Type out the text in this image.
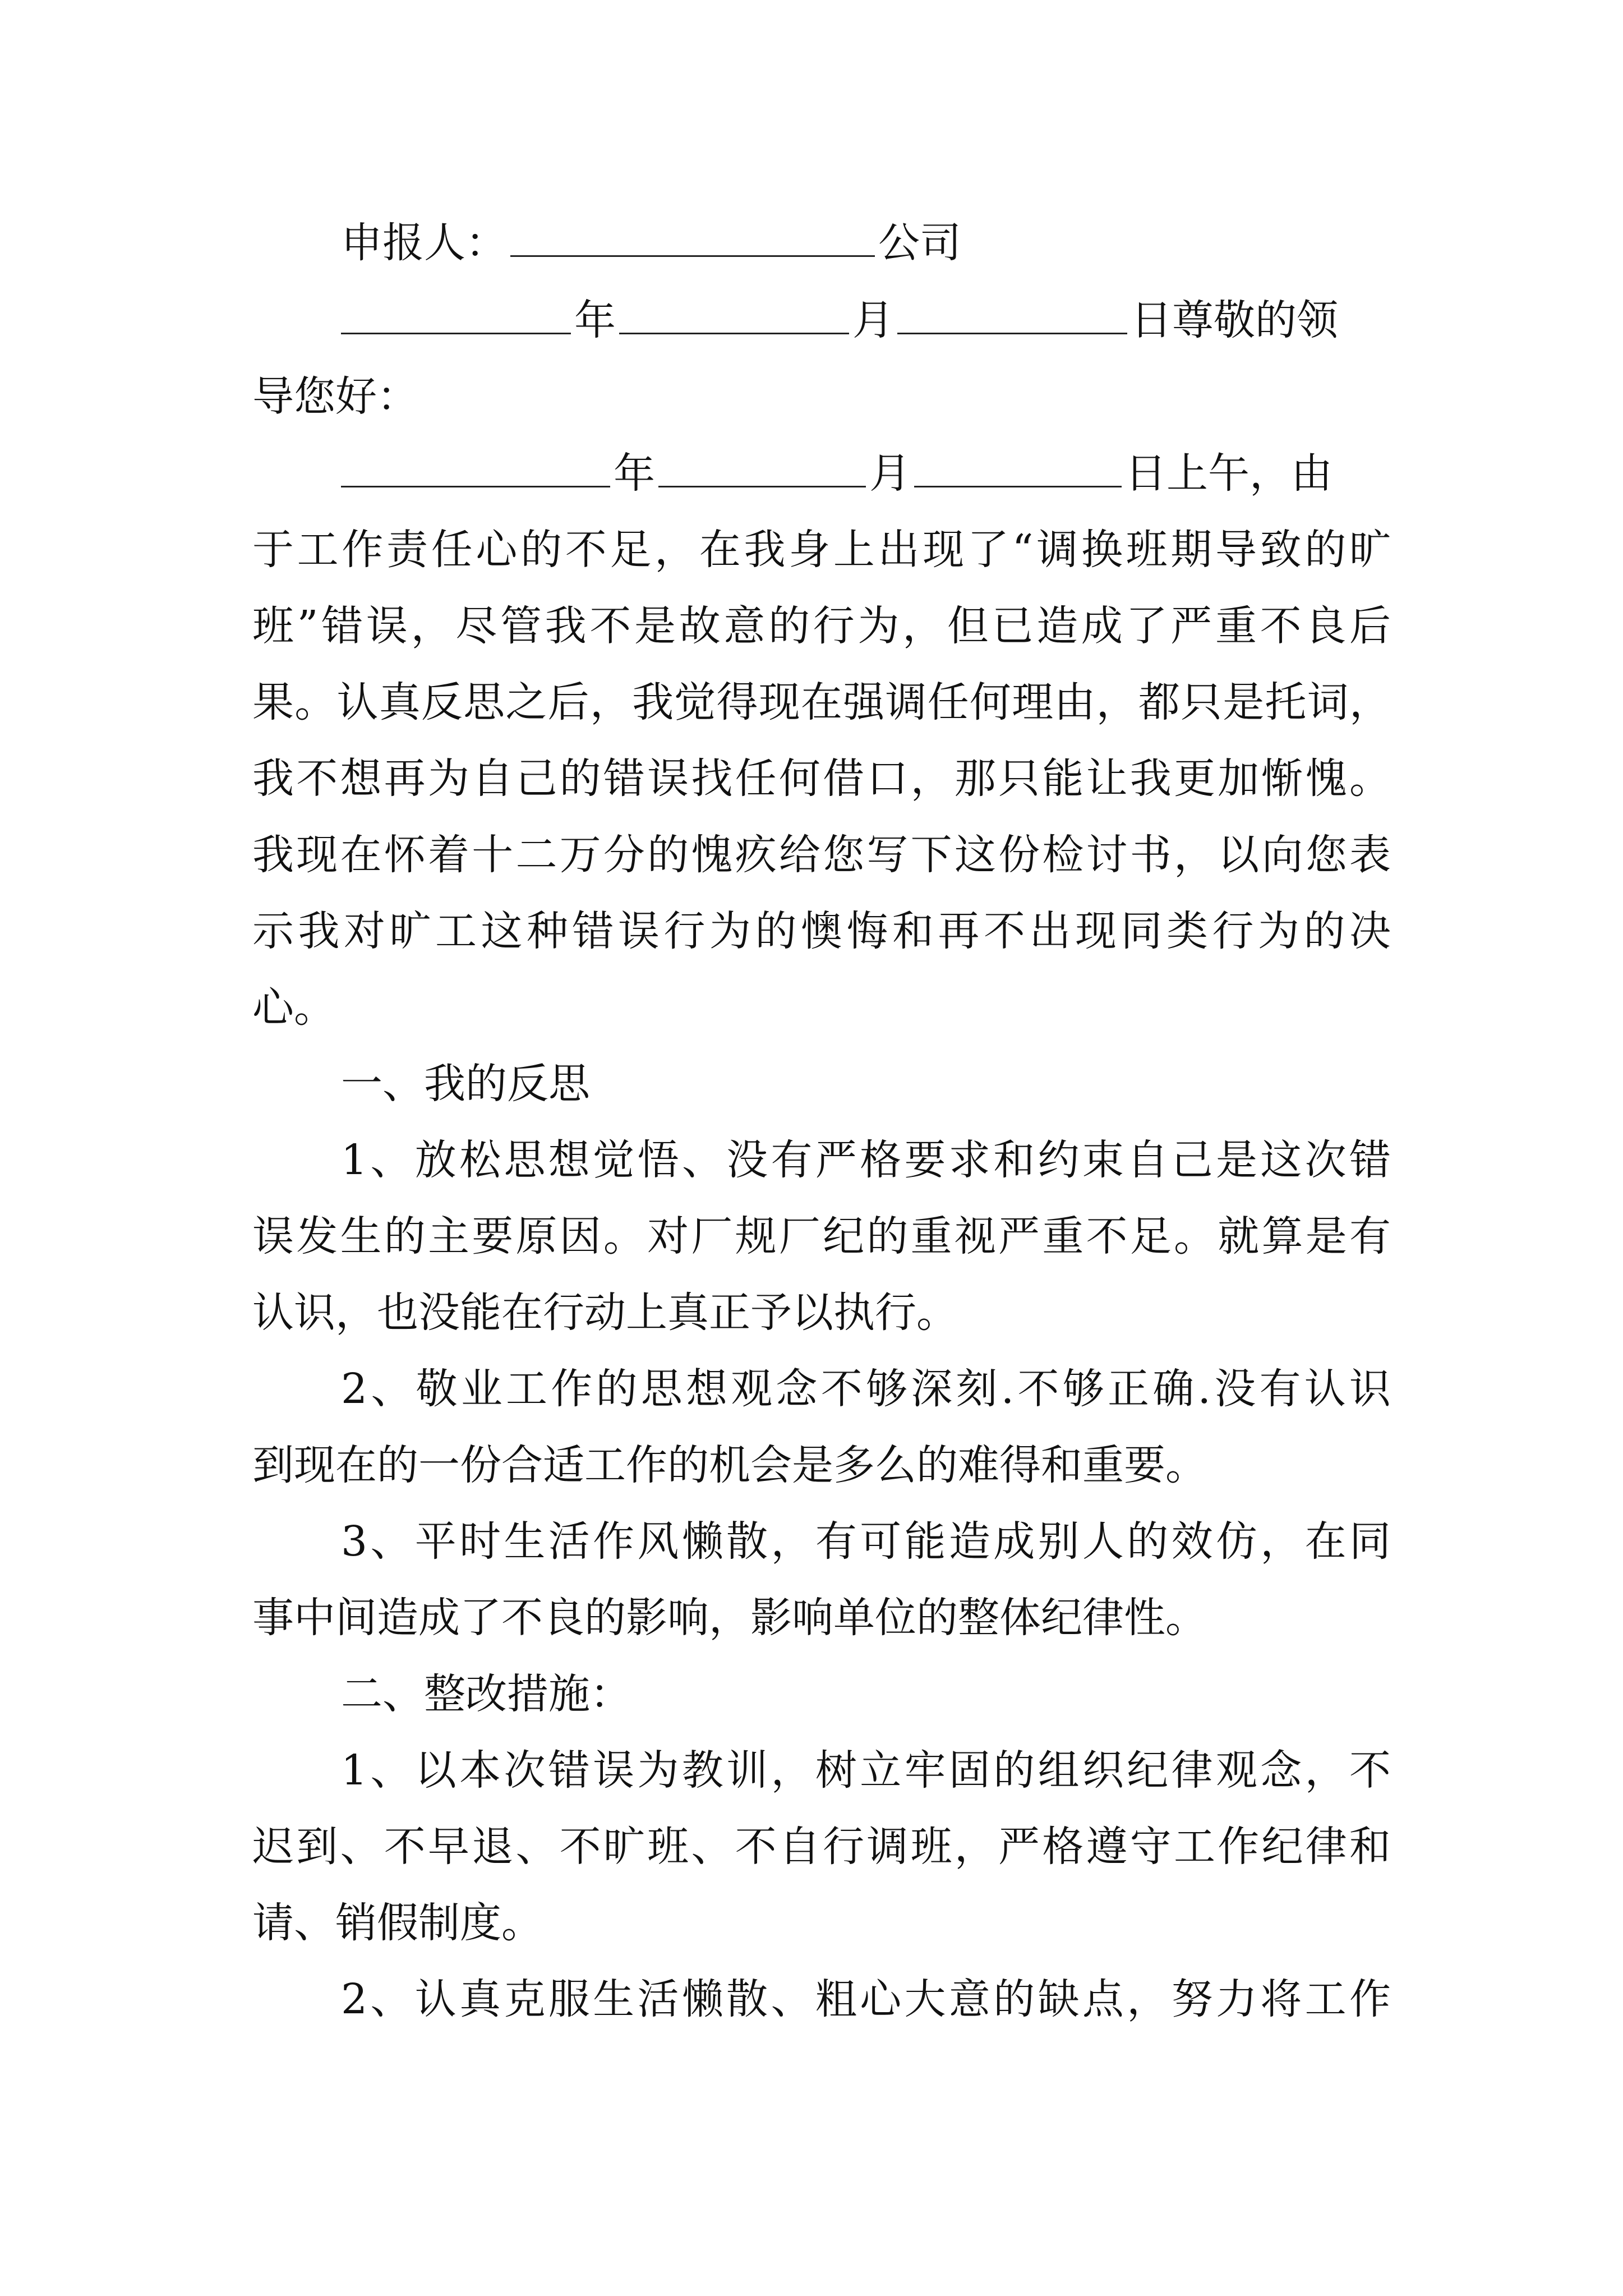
申报人：	公司
年	月	日尊敬的领
导您好：
年	月	日上午，由
于工作责任心的不足，在我身上出现了“调换班期导致的旷
班”错误，尽管我不是故意的行为，但已造成了严重不良后
果。认真反思之后，我觉得现在强调任何理由，都只是托词，
我不想再为自己的错误找任何借口，那只能让我更加惭愧。
我现在怀着十二万分的愧疚给您写下这份检讨书，以向您表
示我对旷工这种错误行为的懊悔和再不出现同类行为的决
心。
一、我的反思
1、放松思想觉悟、没有严格要求和约束自己是这次错
误发生的主要原因。对厂规厂纪的重视严重不足。就算是有
认识，也没能在行动上真正予以执行。
2、敬业工作的思想观念不够深刻.不够正确.没有认识
到现在的一份合适工作的机会是多么的难得和重要。
3、平时生活作风懒散，有可能造成别人的效仿，在同
事中间造成了不良的影响，影响单位的整体纪律性。
二、整改措施：
1、以本次错误为教训，树立牢固的组织纪律观念，不
迟到、不早退、不旷班、不自行调班，严格遵守工作纪律和
请、销假制度。
2、认真克服生活懒散、粗心大意的缺点，努力将工作
